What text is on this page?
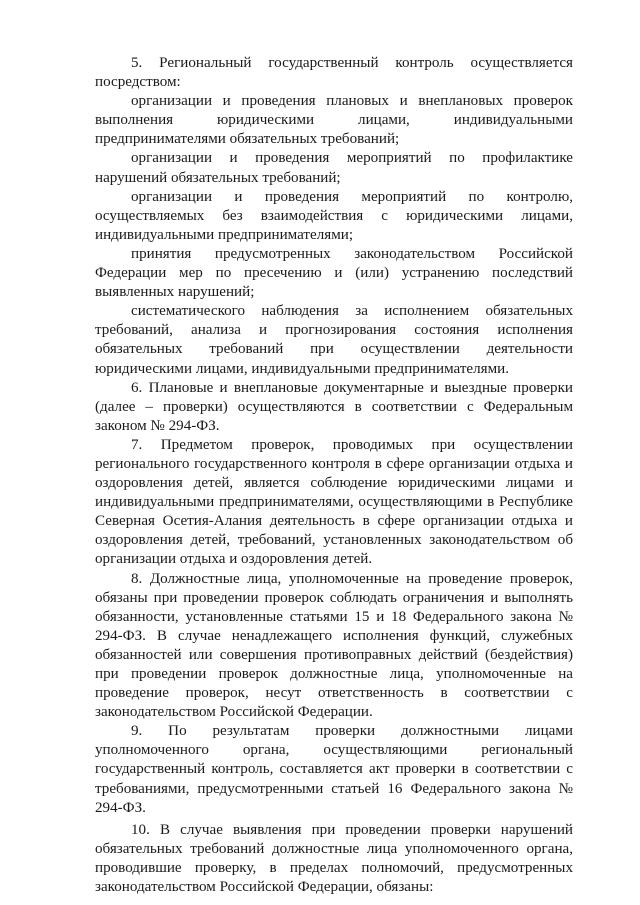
5. Региональный государственный контроль осуществляется посредством:

организации и проведения плановых и внеплановых проверок выполнения юридическими лицами, индивидуальными предпринимателями обязательных требований;

организации и проведения мероприятий по профилактике нарушений обязательных требований;

организации и проведения мероприятий по контролю, осуществляемых без взаимодействия с юридическими лицами, индивидуальными предпринимателями;

принятия предусмотренных законодательством Российской Федерации мер по пресечению и (или) устранению последствий выявленных нарушений;

систематического наблюдения за исполнением обязательных требований, анализа и прогнозирования состояния исполнения обязательных требований при осуществлении деятельности юридическими лицами, индивидуальными предпринимателями.

6. Плановые и внеплановые документарные и выездные проверки (далее – проверки) осуществляются в соответствии с Федеральным законом № 294-ФЗ.

7. Предметом проверок, проводимых при осуществлении регионального государственного контроля в сфере организации отдыха и оздоровления детей, является соблюдение юридическими лицами и индивидуальными предпринимателями, осуществляющими в Республике Северная Осетия-Алания деятельность в сфере организации отдыха и оздоровления детей, требований, установленных законодательством об организации отдыха и оздоровления детей.

8. Должностные лица, уполномоченные на проведение проверок, обязаны при проведении проверок соблюдать ограничения и выполнять обязанности, установленные статьями 15 и 18 Федерального закона № 294-ФЗ. В случае ненадлежащего исполнения функций, служебных обязанностей или совершения противоправных действий (бездействия) при проведении проверок должностные лица, уполномоченные на проведение проверок, несут ответственность в соответствии с законодательством Российской Федерации.

9. По результатам проверки должностными лицами уполномоченного органа, осуществляющими региональный государственный контроль, составляется акт проверки в соответствии с требованиями, предусмотренными статьей 16 Федерального закона № 294-ФЗ.

10. В случае выявления при проведении проверки нарушений обязательных требований должностные лица уполномоченного органа, проводившие проверку, в пределах полномочий, предусмотренных законодательством Российской Федерации, обязаны:
